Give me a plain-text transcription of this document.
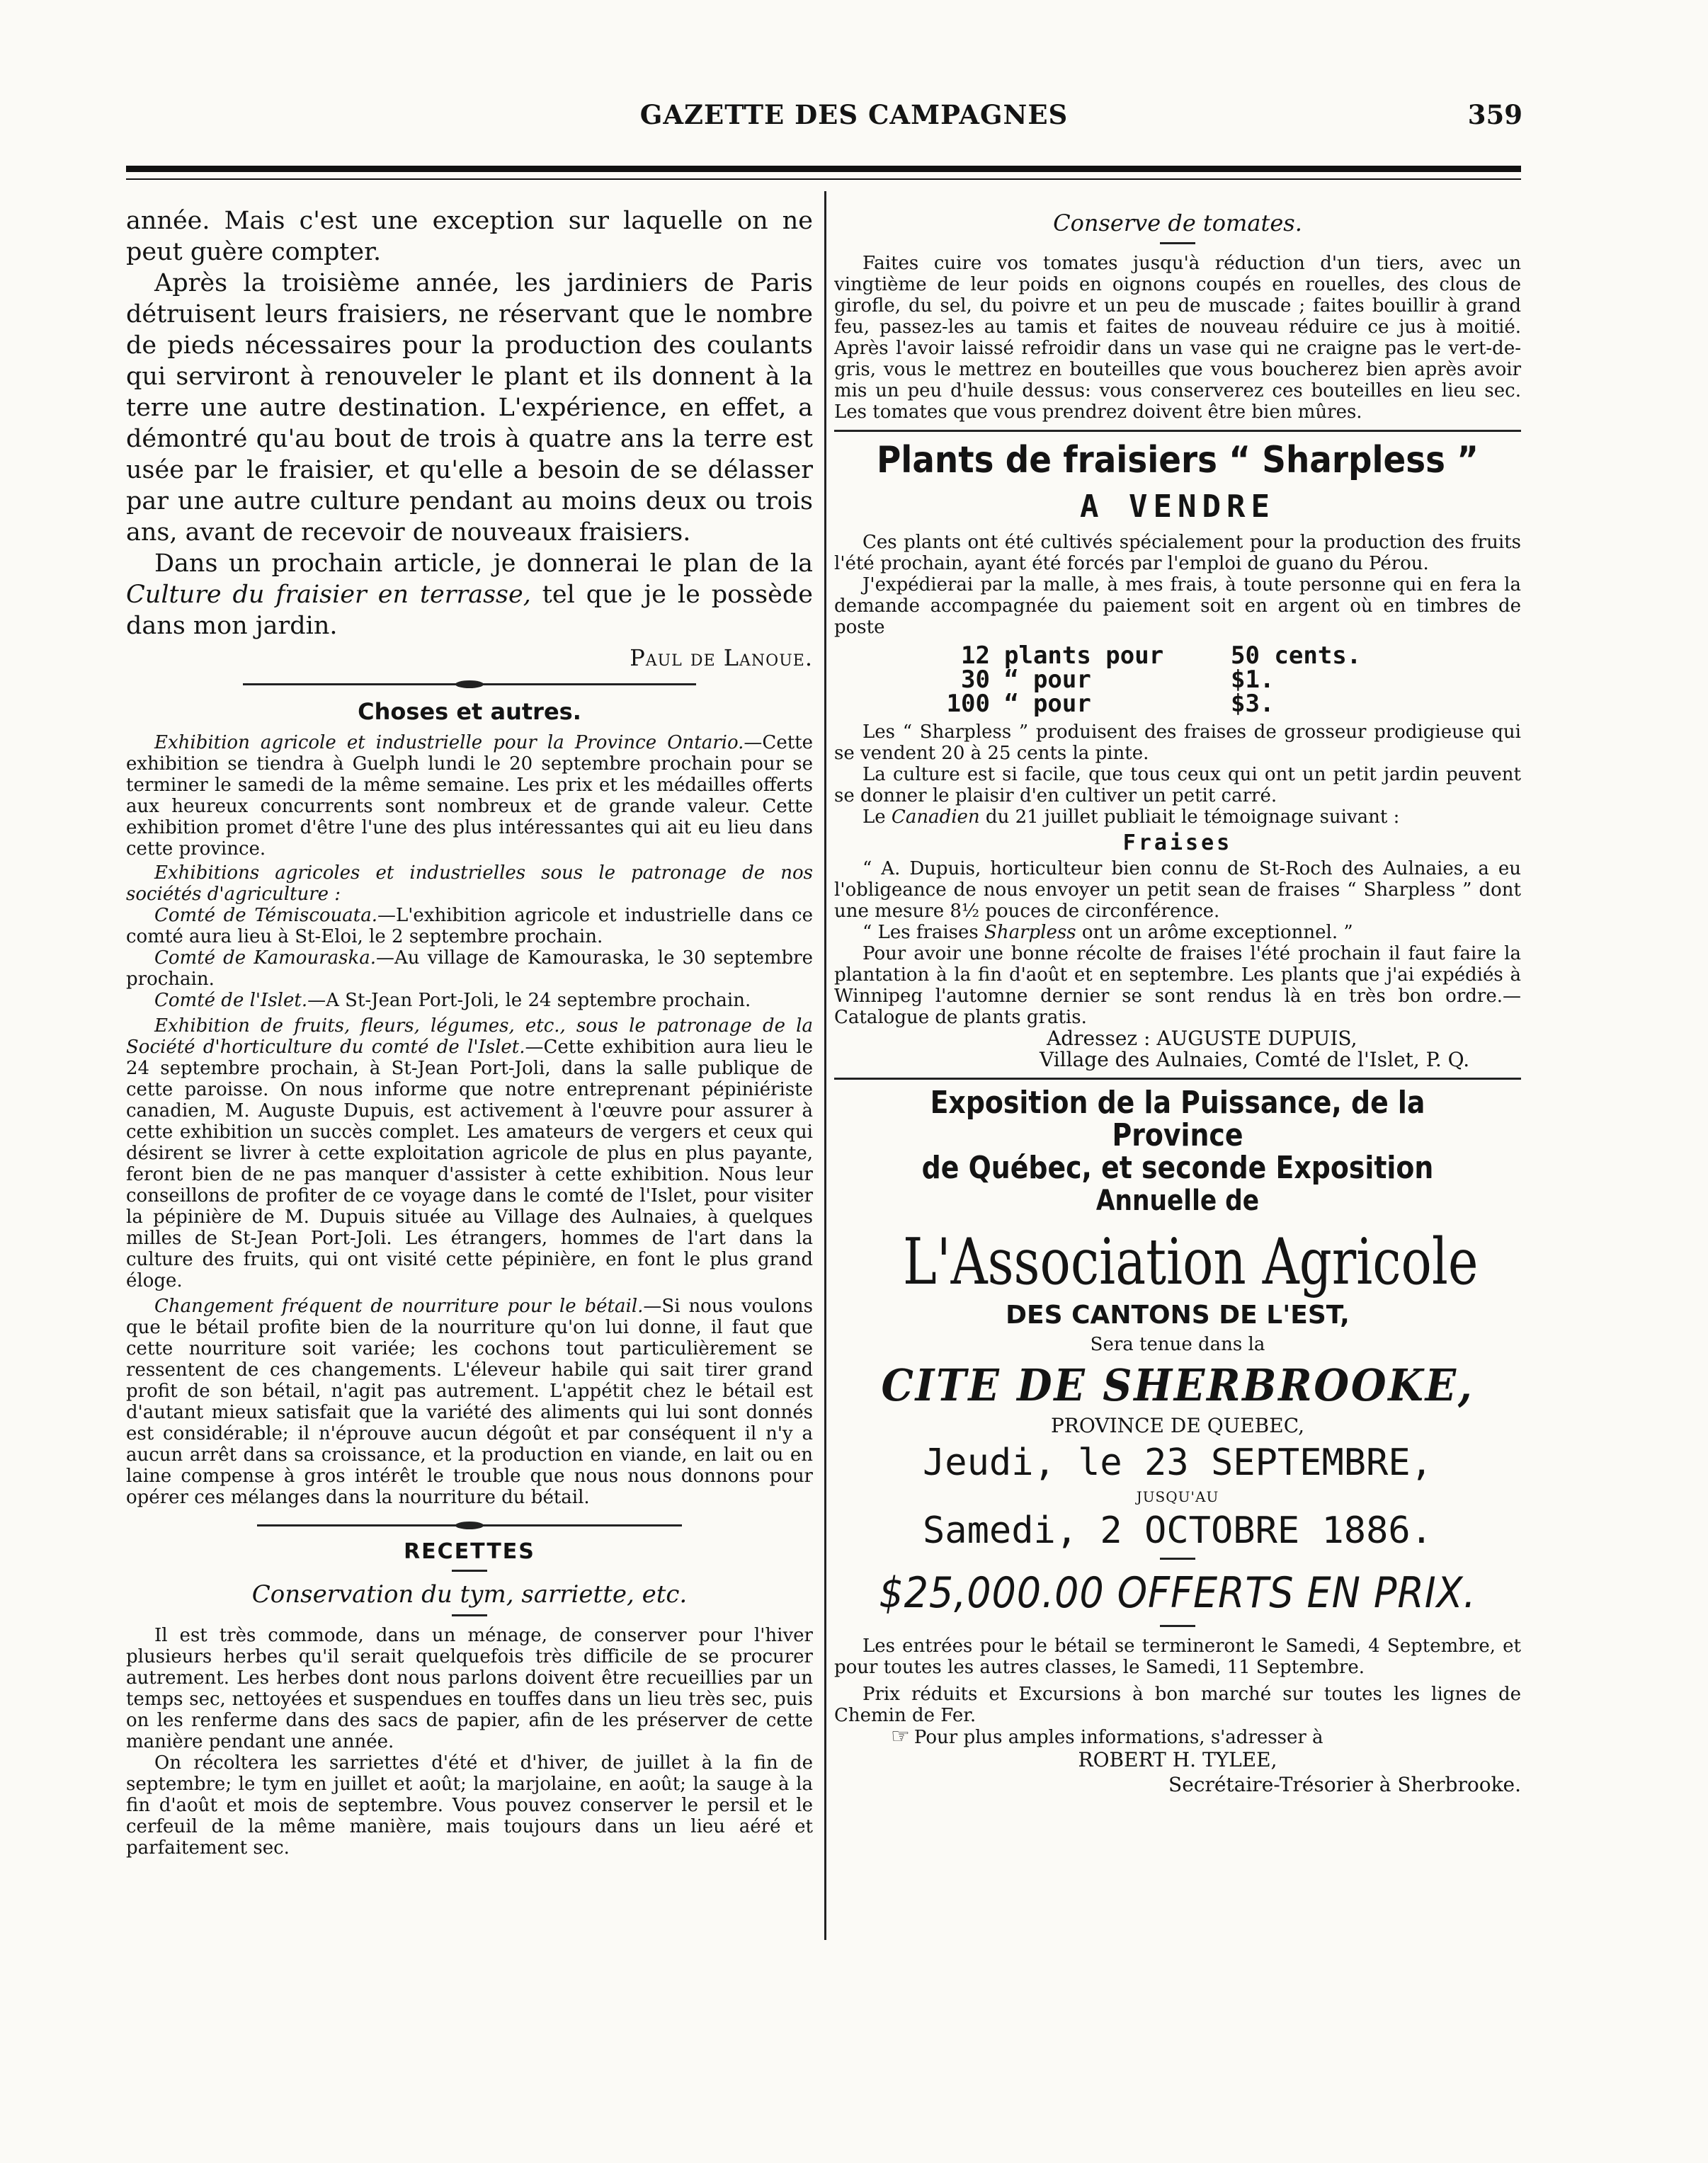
GAZETTE DES CAMPAGNES	359

année. Mais c'est une exception sur laquelle on ne peut guère compter.

Après la troisième année, les jardiniers de Paris détruisent leurs fraisiers, ne réservant que le nombre de pieds nécessaires pour la production des coulants qui serviront à renouveler le plant et ils donnent à la terre une autre destination. L'expérience, en effet, a démontré qu'au bout de trois à quatre ans la terre est usée par le fraisier, et qu'elle a besoin de se délasser par une autre culture pendant au moins deux ou trois ans, avant de recevoir de nouveaux fraisiers.

Dans un prochain article, je donnerai le plan de la Culture du fraisier en terrasse, tel que je le possède dans mon jardin.

Paul de Lanoue.
Choses et autres.

Exhibition agricole et industrielle pour la Province Ontario.—Cette exhibition se tiendra à Guelph lundi le 20 septembre prochain pour se terminer le samedi de la même semaine. Les prix et les médailles offerts aux heureux concurrents sont nombreux et de grande valeur. Cette exhibition promet d'être l'une des plus intéressantes qui ait eu lieu dans cette province.

Exhibitions agricoles et industrielles sous le patronage de nos sociétés d'agriculture :

Comté de Témiscouata.—L'exhibition agricole et industrielle dans ce comté aura lieu à St-Eloi, le 2 septembre prochain.

Comté de Kamouraska.—Au village de Kamouraska, le 30 septembre prochain.

Comté de l'Islet.—A St-Jean Port-Joli, le 24 septembre prochain.

Exhibition de fruits, fleurs, légumes, etc., sous le patronage de la Société d'horticulture du comté de l'Islet.—Cette exhibition aura lieu le 24 septembre prochain, à St-Jean Port-Joli, dans la salle publique de cette paroisse. On nous informe que notre entreprenant pépiniériste canadien, M. Auguste Dupuis, est activement à l'œuvre pour assurer à cette exhibition un succès complet. Les amateurs de vergers et ceux qui désirent se livrer à cette exploitation agricole de plus en plus payante, feront bien de ne pas manquer d'assister à cette exhibition. Nous leur conseillons de profiter de ce voyage dans le comté de l'Islet, pour visiter la pépinière de M. Dupuis située au Village des Aulnaies, à quelques milles de St-Jean Port-Joli. Les étrangers, hommes de l'art dans la culture des fruits, qui ont visité cette pépinière, en font le plus grand éloge.

Changement fréquent de nourriture pour le bétail.—Si nous voulons que le bétail profite bien de la nourriture qu'on lui donne, il faut que cette nourriture soit variée; les cochons tout particulièrement se ressentent de ces changements. L'éleveur habile qui sait tirer grand profit de son bétail, n'agit pas autrement. L'appétit chez le bétail est d'autant mieux satisfait que la variété des aliments qui lui sont donnés est considérable; il n'éprouve aucun dégoût et par conséquent il n'y a aucun arrêt dans sa croissance, et la production en viande, en lait ou en laine compense à gros intérêt le trouble que nous nous donnons pour opérer ces mélanges dans la nourriture du bétail.

RECETTES
Conservation du tym, sarriette, etc.

Il est très commode, dans un ménage, de conserver pour l'hiver plusieurs herbes qu'il serait quelquefois très difficile de se procurer autrement. Les herbes dont nous parlons doivent être recueillies par un temps sec, nettoyées et suspendues en touffes dans un lieu très sec, puis on les renferme dans des sacs de papier, afin de les préserver de cette manière pendant une année.

On récoltera les sarriettes d'été et d'hiver, de juillet à la fin de septembre; le tym en juillet et août; la marjolaine, en août; la sauge à la fin d'août et mois de septembre. Vous pouvez conserver le persil et le cerfeuil de la même manière, mais toujours dans un lieu aéré et parfaitement sec.

Conserve de tomates.

Faites cuire vos tomates jusqu'à réduction d'un tiers, avec un vingtième de leur poids en oignons coupés en rouelles, des clous de girofle, du sel, du poivre et un peu de muscade ; faites bouillir à grand feu, passez-les au tamis et faites de nouveau réduire ce jus à moitié. Après l'avoir laissé refroidir dans un vase qui ne craigne pas le vert-de-gris, vous le mettrez en bouteilles que vous boucherez bien après avoir mis un peu d'huile dessus: vous conserverez ces bouteilles en lieu sec. Les tomates que vous prendrez doivent être bien mûres.

Plants de fraisiers “ Sharpless ”
A VENDRE

Ces plants ont été cultivés spécialement pour la production des fruits l'été prochain, ayant été forcés par l'emploi de guano du Pérou.

J'expédierai par la malle, à mes frais, à toute personne qui en fera la demande accompagnée du paiement soit en argent où en timbres de poste

12 plants pour	50 cents.
30 “ pour	$1.
100 “ pour	$3.

Les “ Sharpless ” produisent des fraises de grosseur prodigieuse qui se vendent 20 à 25 cents la pinte.

La culture est si facile, que tous ceux qui ont un petit jardin peuvent se donner le plaisir d'en cultiver un petit carré.

Le Canadien du 21 juillet publiait le témoignage suivant :

Fraises

“ A. Dupuis, horticulteur bien connu de St-Roch des Aulnaies, a eu l'obligeance de nous envoyer un petit sean de fraises “ Sharpless ” dont une mesure 8½ pouces de circonférence.

“ Les fraises Sharpless ont un arôme exceptionnel. ”

Pour avoir une bonne récolte de fraises l'été prochain il faut faire la plantation à la fin d'août et en septembre. Les plants que j'ai expédiés à Winnipeg l'automne dernier se sont rendus là en très bon ordre.—Catalogue de plants gratis.

Adressez : AUGUSTE DUPUIS,
Village des Aulnaies, Comté de l'Islet, P. Q.
Exposition de la Puissance, de la Province
de Québec, et seconde Exposition
Annuelle de
L'Association Agricole
DES CANTONS DE L'EST,
Sera tenue dans la
CITE DE SHERBROOKE,
PROVINCE DE QUEBEC,
Jeudi, le 23 SEPTEMBRE,
JUSQU'AU
Samedi, 2 OCTOBRE 1886.
$25,000.00 OFFERTS EN PRIX.

Les entrées pour le bétail se termineront le Samedi, 4 Septembre, et pour toutes les autres classes, le Samedi, 11 Septembre.

Prix réduits et Excursions à bon marché sur toutes les lignes de Chemin de Fer.

☞ Pour plus amples informations, s'adresser à

ROBERT H. TYLEE,
Secrétaire-Trésorier à Sherbrooke.
